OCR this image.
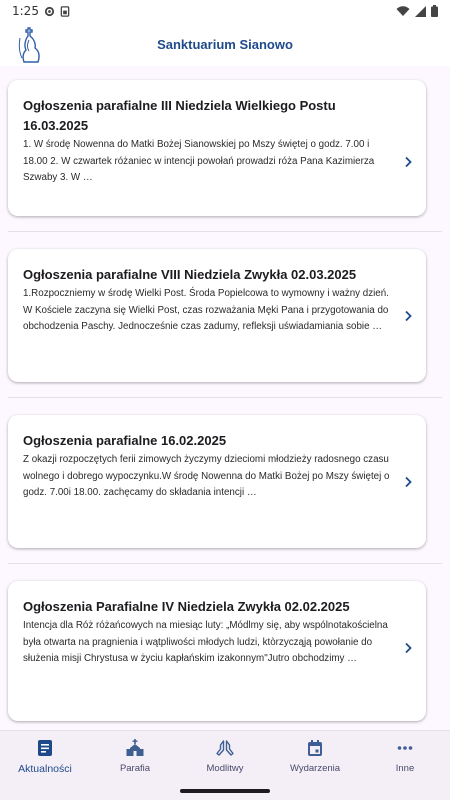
1:25
Sanktuarium Sianowo
Ogłoszenia parafialne III Niedziela Wielkiego Postu 16.03.2025
1. W środę Nowenna do Matki Bożej Sianowskiej po Mszy świętej o godz. 7.00 i 18.00 2. W czwartek różaniec w intencji powołań prowadzi róża Pana Kazimierza Szwaby 3. W …
Ogłoszenia parafialne VIII Niedziela Zwykła 02.03.2025
1.Rozpoczniemy w środę Wielki Post. Środa Popielcowa to wymowny i ważny dzień. W Kościele zaczyna się Wielki Post, czas rozważania Męki Pana i przygotowania do obchodzenia Paschy. Jednocześnie czas zadumy, refleksji uświadamiania sobie …
Ogłoszenia parafialne 16.02.2025
Z okazji rozpoczętych ferii zimowych życzymy dzieciomi młodzieży radosnego czasu wolnego i dobrego wypoczynku.W środę Nowenna do Matki Bożej po Mszy świętej o godz. 7.00i 18.00. zachęcamy do składania intencji …
Ogłoszenia Parafialne IV Niedziela Zwykła 02.02.2025
Intencja dla Róż różańcowych na miesiąc luty: „Módlmy się, aby wspólnotakościelna była otwarta na pragnienia i wątpliwości młodych ludzi, ktòrzycząją powołanie do służenia misji Chrystusa w życiu kapłańskim izakonnym"Jutro obchodzimy …
Aktualności	Parafia	Modlitwy	Wydarzenia	Inne
